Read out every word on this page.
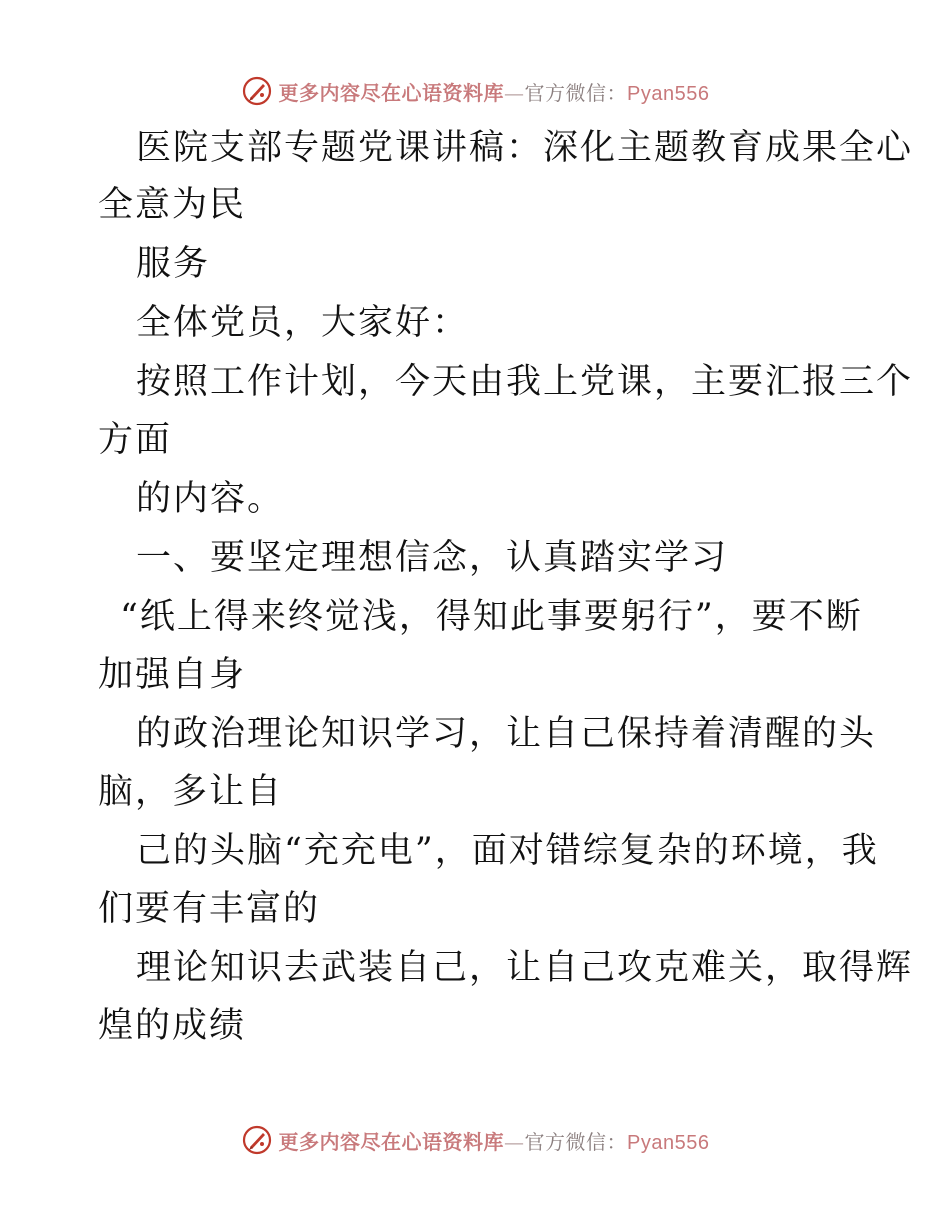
更多内容尽在心语资料库—官方微信：Pyan556
医院支部专题党课讲稿：深化主题教育成果全心
全意为民
服务
全体党员，大家好：
按照工作计划，今天由我上党课，主要汇报三个
方面
的内容。
一、要坚定理想信念，认真踏实学习
“纸上得来终觉浅，得知此事要躬行”，要不断
加强自身
的政治理论知识学习，让自己保持着清醒的头
脑，多让自
己的头脑“充充电”，面对错综复杂的环境，我
们要有丰富的
理论知识去武装自己，让自己攻克难关，取得辉
煌的成绩
更多内容尽在心语资料库—官方微信：Pyan556
